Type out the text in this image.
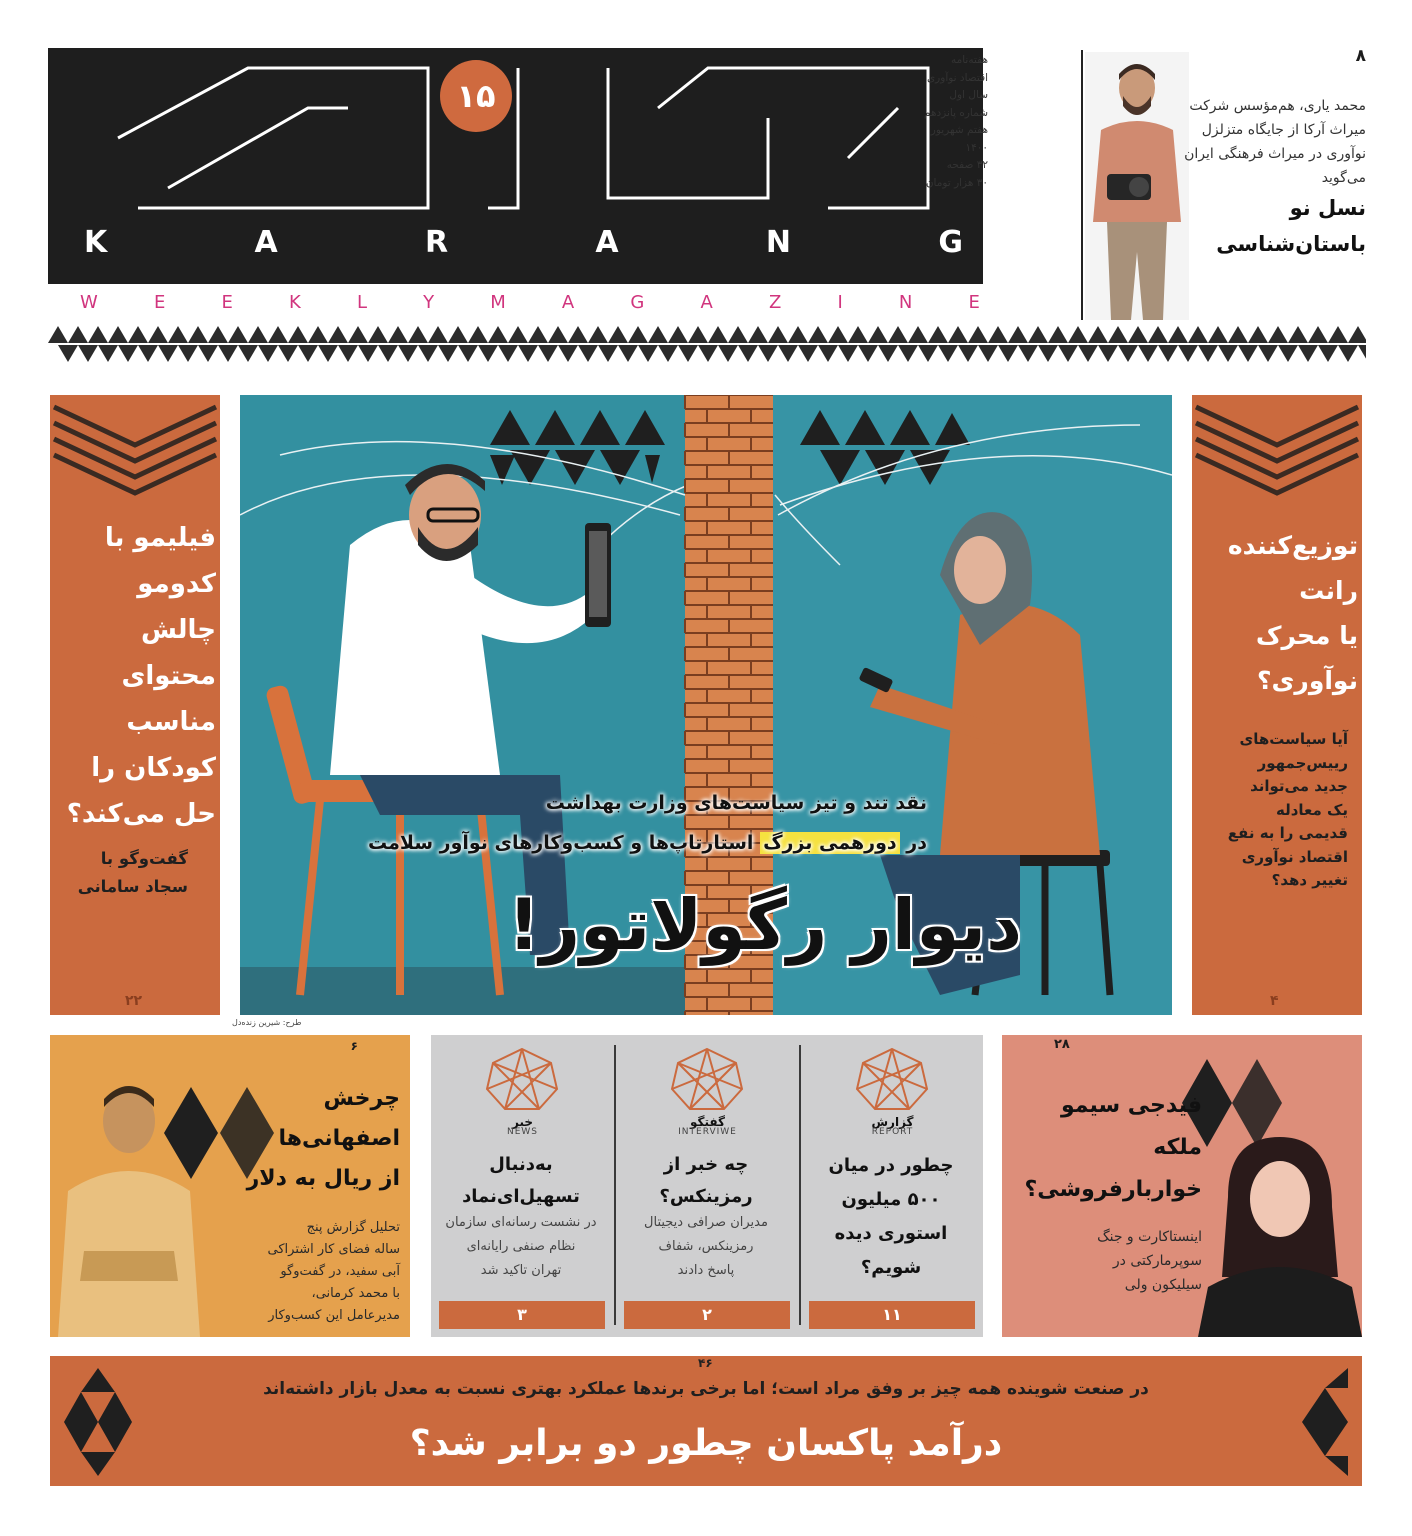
K	A	R	A	N	G
۱۵
W	E	E	K	L	Y	M	A	G	A	Z	I	N	E
هفته‌نامه
اقتصاد نوآوری
سال اول
شماره پانزدهم
هفتم شهریور
۱۴۰۰
۳۲ صفحه
۳۰ هزار تومان
۸
محمد یاری، هم‌مؤسس شرکت میراث آرکا از جایگاه متزلزل نوآوری در میراث فرهنگی ایران می‌گوید
نسل نو
باستان‌شناسی
فیلیمو با
کدومو
چالش
محتوای
مناسب
کودکان را
حل می‌کند؟
گفت‌وگو با
سجاد سامانی
۲۲
توزیع‌کننده
رانت
یا محرک
نوآوری؟
آیا سیاست‌های
رییس‌جمهور
جدید می‌تواند
یک معادله
قدیمی را به نفع
اقتصاد نوآوری
تغییر دهد؟
۴
نقد تند و تیز سیاست‌های وزارت بهداشت
در دورهمی بزرگ استارتاپ‌ها و کسب‌وکارهای نوآور سلامت
دیوار رگولاتور!
طرح: شیرین زنده‌دل
۶
چرخش
اصفهانی‌ها
از ریال به دلار
تحلیل گزارش پنج
ساله فضای کار اشتراکی
آبی سفید، در گفت‌وگو
با محمد کرمانی،
مدیرعامل این کسب‌وکار
خبر
NEWS
به‌دنبال
تسهیل‌ای‌نماد
در نشست رسانه‌ای سازمان
نظام صنفی رایانه‌ای
تهران تاکید شد
۳
گفتگو
INTERVIWE
چه خبر از
رمزینکس؟
مدیران صرافی دیجیتال
رمزینکس، شفاف
پاسخ دادند
۲
گزارش
REPORT
چطور در میان
۵۰۰ میلیون
استوری دیده
شویم؟
۱۱
۲۸
فیدجی سیمو
ملکه
خواربارفروشی؟
اینستاکارت و جنگ
سوپرمارکتی در
سیلیکون ولی
۴۶
در صنعت شوینده همه چیز بر وفق مراد است؛ اما برخی برندها عملکرد بهتری نسبت به معدل بازار داشته‌اند
درآمد پاکسان چطور دو برابر شد؟
